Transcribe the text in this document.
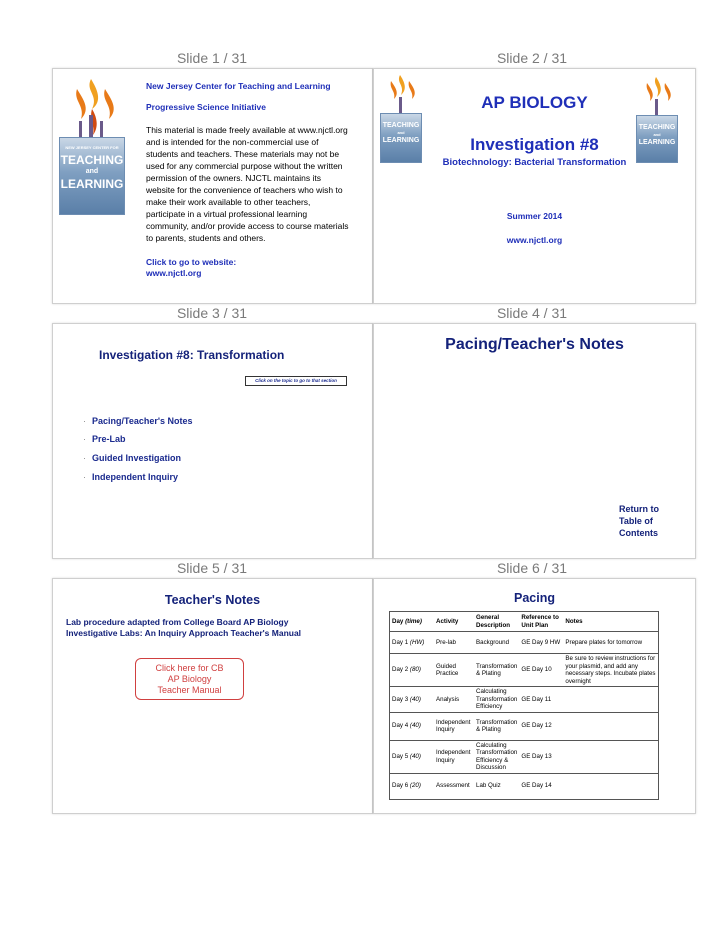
Slide 1 / 31	Slide 2 / 31
Slide 3 / 31	Slide 4 / 31
Slide 5 / 31	Slide 6 / 31
NEW JERSEY CENTER FOR
TEACHING
and
LEARNING
New Jersey Center for Teaching and Learning
Progressive Science Initiative
This material is made freely available at www.njctl.org and is intended for the non-commercial use of students and teachers. These materials may not be used for any commercial purpose without the written permission of the owners. NJCTL maintains its website for the convenience of teachers who wish to make their work available to other teachers, participate in a virtual professional learning community, and/or provide access to course materials to parents, students and others.
Click to go to website:
www.njctl.org
TEACHING
and
LEARNING
TEACHING
and
LEARNING
AP BIOLOGY
Investigation #8
Biotechnology: Bacterial Transformation
Summer 2014
www.njctl.org
Investigation #8: Transformation
Click on the topic to go to that section
· Pacing/Teacher's Notes
· Pre-Lab
· Guided Investigation
· Independent Inquiry
Pacing/Teacher's Notes
Return to
Table of
Contents
Teacher's Notes
Lab procedure adapted from College Board AP Biology
Investigative Labs: An Inquiry Approach Teacher's Manual
Click here for CB
AP Biology
Teacher Manual
Pacing
Day (time)	Activity	General Description	Reference to Unit Plan	Notes
Day 1 (HW)	Pre-lab	Background	GE Day 9 HW	Prepare plates for tomorrow
Day 2 (80)	Guided Practice	Transformation & Plating	GE Day 10	Be sure to review instructions for your plasmid, and add any necessary steps. Incubate plates overnight
Day 3 (40)	Analysis	Calculating Transformation Efficiency	GE Day 11	
Day 4 (40)	Independent Inquiry	Transformation & Plating	GE Day 12	
Day 5 (40)	Independent Inquiry	Calculating Transformation Efficiency & Discussion	GE Day 13	
Day 6 (20)	Assessment	Lab Quiz	GE Day 14	
